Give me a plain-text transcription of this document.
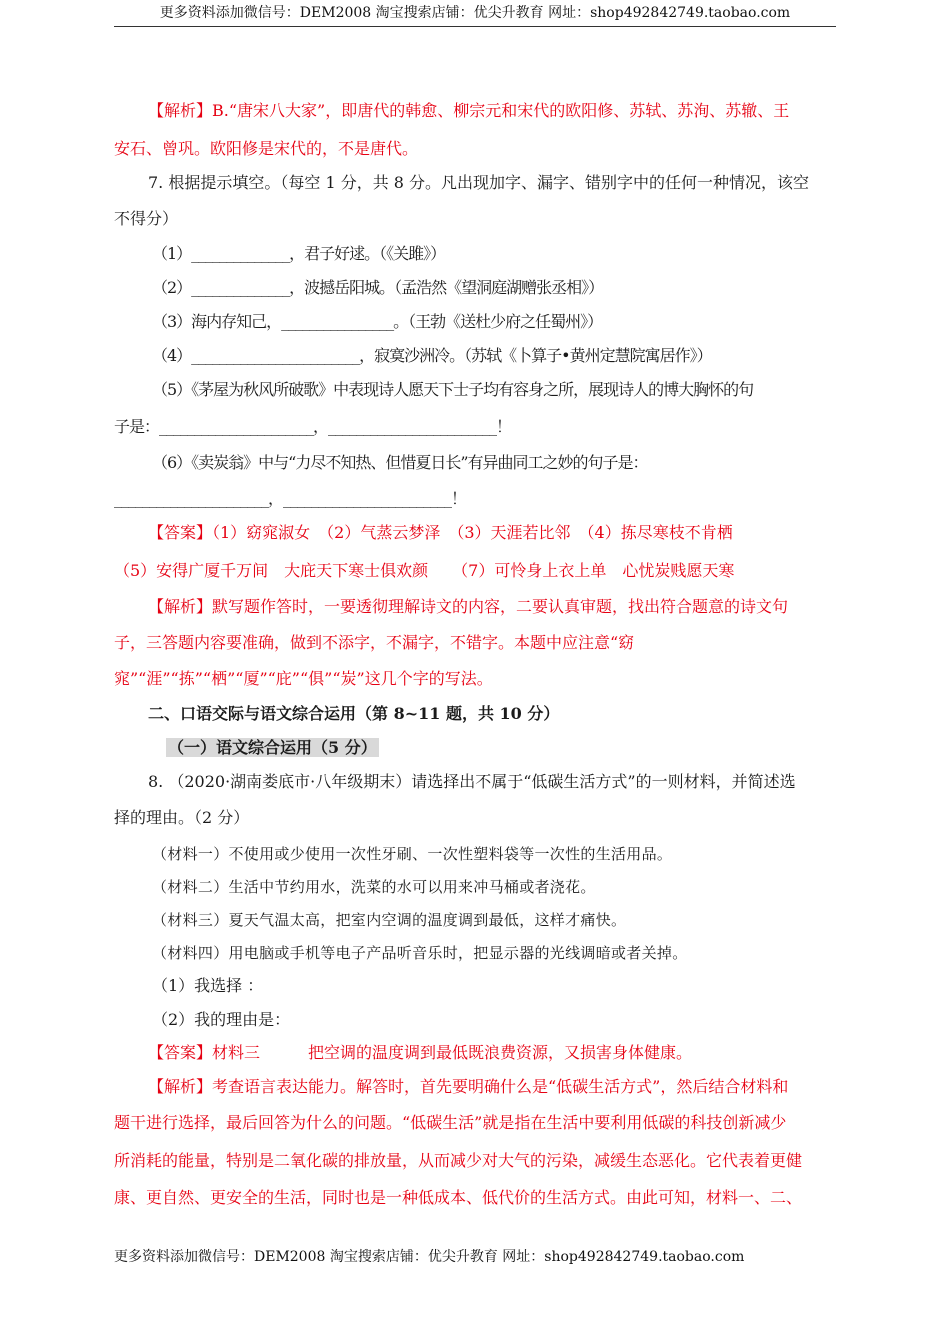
更多资料添加微信号：DEM2008 淘宝搜索店铺：优尖升教育 网址：shop492842749.taobao.com
【解析】B.“唐宋八大家”，即唐代的韩愈、柳宗元和宋代的欧阳修、苏轼、苏洵、苏辙、王
安石、曾巩。欧阳修是宋代的，不是唐代。
7. 根据提示填空。（每空 1 分，共 8 分。凡出现加字、漏字、错别字中的任何一种情况，该空
不得分）
（1）______________，君子好逑。（《关雎》）
（2）______________，波撼岳阳城。（孟浩然《望洞庭湖赠张丞相》）
（3）海内存知己，________________。（王勃《送杜少府之任蜀州》）
（4）________________________，寂寞沙洲冷。（苏轼《卜算子•黄州定慧院寓居作》）
（5）《茅屋为秋风所破歌》中表现诗人愿天下士子均有容身之所，展现诗人的博大胸怀的句
子是：______________________，________________________！
（6）《卖炭翁》中与“力尽不知热、但惜夏日长”有异曲同工之妙的句子是：
______________________，________________________！
【答案】（1）窈窕淑女　（2）气蒸云梦泽　（3）天涯若比邻　（4）拣尽寒枝不肯栖
（5）安得广厦千万间　大庇天下寒士俱欢颜　　（7）可怜身上衣上单　心忧炭贱愿天寒
【解析】默写题作答时，一要透彻理解诗文的内容，二要认真审题，找出符合题意的诗文句
子，三答题内容要准确，做到不添字，不漏字，不错字。本题中应注意“窈
窕”“涯”“拣”“栖”“厦”“庇”“俱”“炭”这几个字的写法。
二、口语交际与语文综合运用（第 8~11 题，共 10 分）
（一）语文综合运用（5 分）
8. （2020·湖南娄底市·八年级期末）请选择出不属于“低碳生活方式”的一则材料，并简述选
择的理由。（2 分）
（材料一）不使用或少使用一次性牙刷、一次性塑料袋等一次性的生活用品。
（材料二）生活中节约用水，洗菜的水可以用来冲马桶或者浇花。
（材料三）夏天气温太高，把室内空调的温度调到最低，这样才痛快。
（材料四）用电脑或手机等电子产品听音乐时，把显示器的光线调暗或者关掉。
（1）我选择 ：
（2）我的理由是：
【答案】材料三　　　把空调的温度调到最低既浪费资源，又损害身体健康。
【解析】考查语言表达能力。解答时，首先要明确什么是“低碳生活方式”，然后结合材料和
题干进行选择，最后回答为什么的问题。“低碳生活”就是指在生活中要利用低碳的科技创新减少
所消耗的能量，特别是二氧化碳的排放量，从而减少对大气的污染，减缓生态恶化。它代表着更健
康、更自然、更安全的生活，同时也是一种低成本、低代价的生活方式。由此可知，材料一、二、
更多资料添加微信号：DEM2008 淘宝搜索店铺：优尖升教育 网址：shop492842749.taobao.com
